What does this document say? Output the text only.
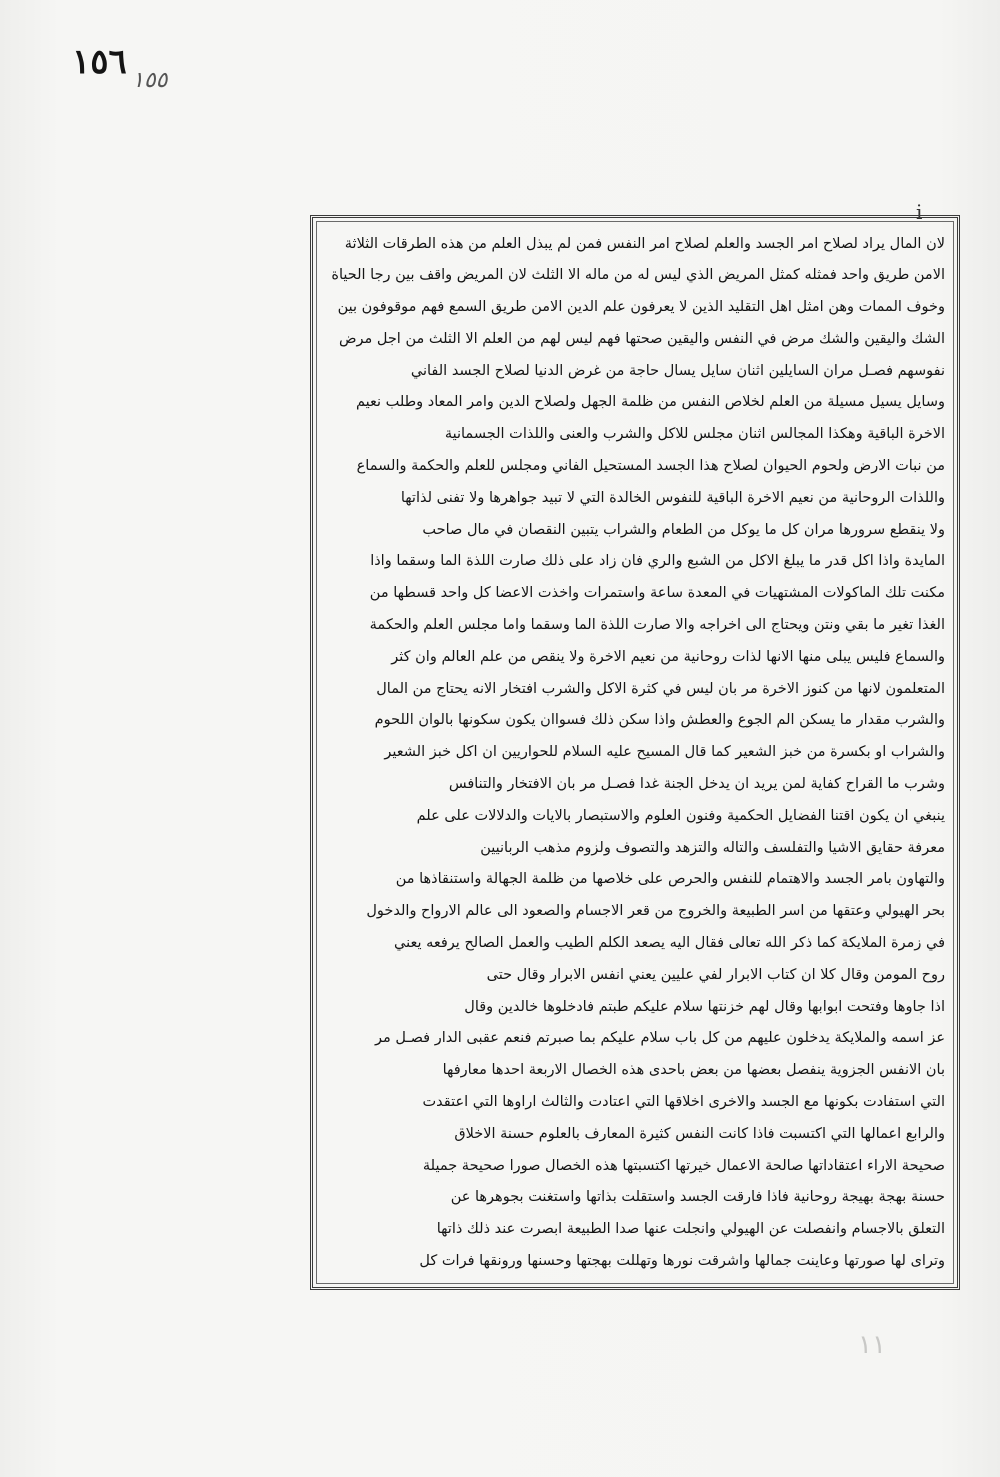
١٥٦ ١٥٥
ⅰ
لان المال يراد لصلاح امر الجسد والعلم لصلاح امر النفس فمن لم يبذل العلم من هذه الطرقات الثلاثة
الامن طريق واحد فمثله كمثل المريض الذي ليس له من ماله الا الثلث لان المريض واقف بين رجا الحياة
وخوف الممات وهن امثل اهل التقليد الذين لا يعرفون علم الدين الامن طريق السمع فهم موقوفون بين
الشك واليقين والشك مرض في النفس واليقين صحتها فهم ليس لهم من العلم الا الثلث من اجل مرض
نفوسهم فصـل مران السايلين اثنان سايل يسال حاجة من غرض الدنيا لصلاح الجسد الفاني
وسايل يسيل مسيلة من العلم لخلاص النفس من ظلمة الجهل ولصلاح الدين وامر المعاد وطلب نعيم
الاخرة الباقية وهكذا المجالس اثنان مجلس للاكل والشرب والعنى واللذات الجسمانية
من نبات الارض ولحوم الحيوان لصلاح هذا الجسد المستحيل الفاني ومجلس للعلم والحكمة والسماع
واللذات الروحانية من نعيم الاخرة الباقية للنفوس الخالدة التي لا تبيد جواهرها ولا تفنى لذاتها
ولا ينقطع سرورها مران كل ما يوكل من الطعام والشراب يتبين النقصان في مال صاحب
المايدة واذا اكل قدر ما يبلغ الاكل من الشبع والري فان زاد على ذلك صارت اللذة الما وسقما واذا
مكنت تلك الماكولات المشتهيات في المعدة ساعة واستمرات واخذت الاعضا كل واحد قسطها من
الغذا تغير ما بقي ونتن ويحتاج الى اخراجه والا صارت اللذة الما وسقما واما مجلس العلم والحكمة
والسماع فليس يبلى منها الانها لذات روحانية من نعيم الاخرة ولا ينقص من علم العالم وان كثر
المتعلمون لانها من كنوز الاخرة مر بان ليس في كثرة الاكل والشرب افتخار الانه يحتاج من المال
والشرب مقدار ما يسكن الم الجوع والعطش واذا سكن ذلك فسواان يكون سكونها بالوان اللحوم
والشراب او بكسرة من خبز الشعير كما قال المسيح عليه السلام للحواريين ان اكل خبز الشعير
وشرب ما القراح كفاية لمن يريد ان يدخل الجنة غدا فصـل مر بان الافتخار والتنافس
ينبغي ان يكون اقتنا الفضايل الحكمية وفنون العلوم والاستبصار بالايات والدلالات على علم
معرفة حقايق الاشيا والتفلسف والتاله والتزهد والتصوف ولزوم مذهب الربانيين
والتهاون بامر الجسد والاهتمام للنفس والحرص على خلاصها من ظلمة الجهالة واستنقاذها من
بحر الهيولي وعتقها من اسر الطبيعة والخروج من قعر الاجسام والصعود الى عالم الارواح والدخول
في زمرة الملايكة كما ذكر الله تعالى فقال اليه يصعد الكلم الطيب والعمل الصالح يرفعه يعني
روح المومن وقال كلا ان كتاب الابرار لفي عليين يعني انفس الابرار وقال حتى
اذا جاوها وفتحت ابوابها وقال لهم خزنتها سلام عليكم طبتم فادخلوها خالدين وقال
عز اسمه والملايكة يدخلون عليهم من كل باب سلام عليكم بما صبرتم فنعم عقبى الدار فصـل مر
بان الانفس الجزوية ينفصل بعضها من بعض باحدى هذه الخصال الاربعة احدها معارفها
التي استفادت بكونها مع الجسد والاخرى اخلاقها التي اعتادت والثالث اراوها التي اعتقدت
والرابع اعمالها التي اكتسبت فاذا كانت النفس كثيرة المعارف بالعلوم حسنة الاخلاق
صحيحة الاراء اعتقاداتها صالحة الاعمال خيرتها اكتسبتها هذه الخصال صورا صحيحة جميلة
حسنة بهجة بهيجة روحانية فاذا فارقت الجسد واستقلت بذاتها واستغنت بجوهرها عن
التعلق بالاجسام وانفصلت عن الهيولي وانجلت عنها صدا الطبيعة ابصرت عند ذلك ذاتها
وتراى لها صورتها وعاينت جمالها واشرقت نورها وتهللت بهجتها وحسنها ورونقها فرات كل
۱۱
